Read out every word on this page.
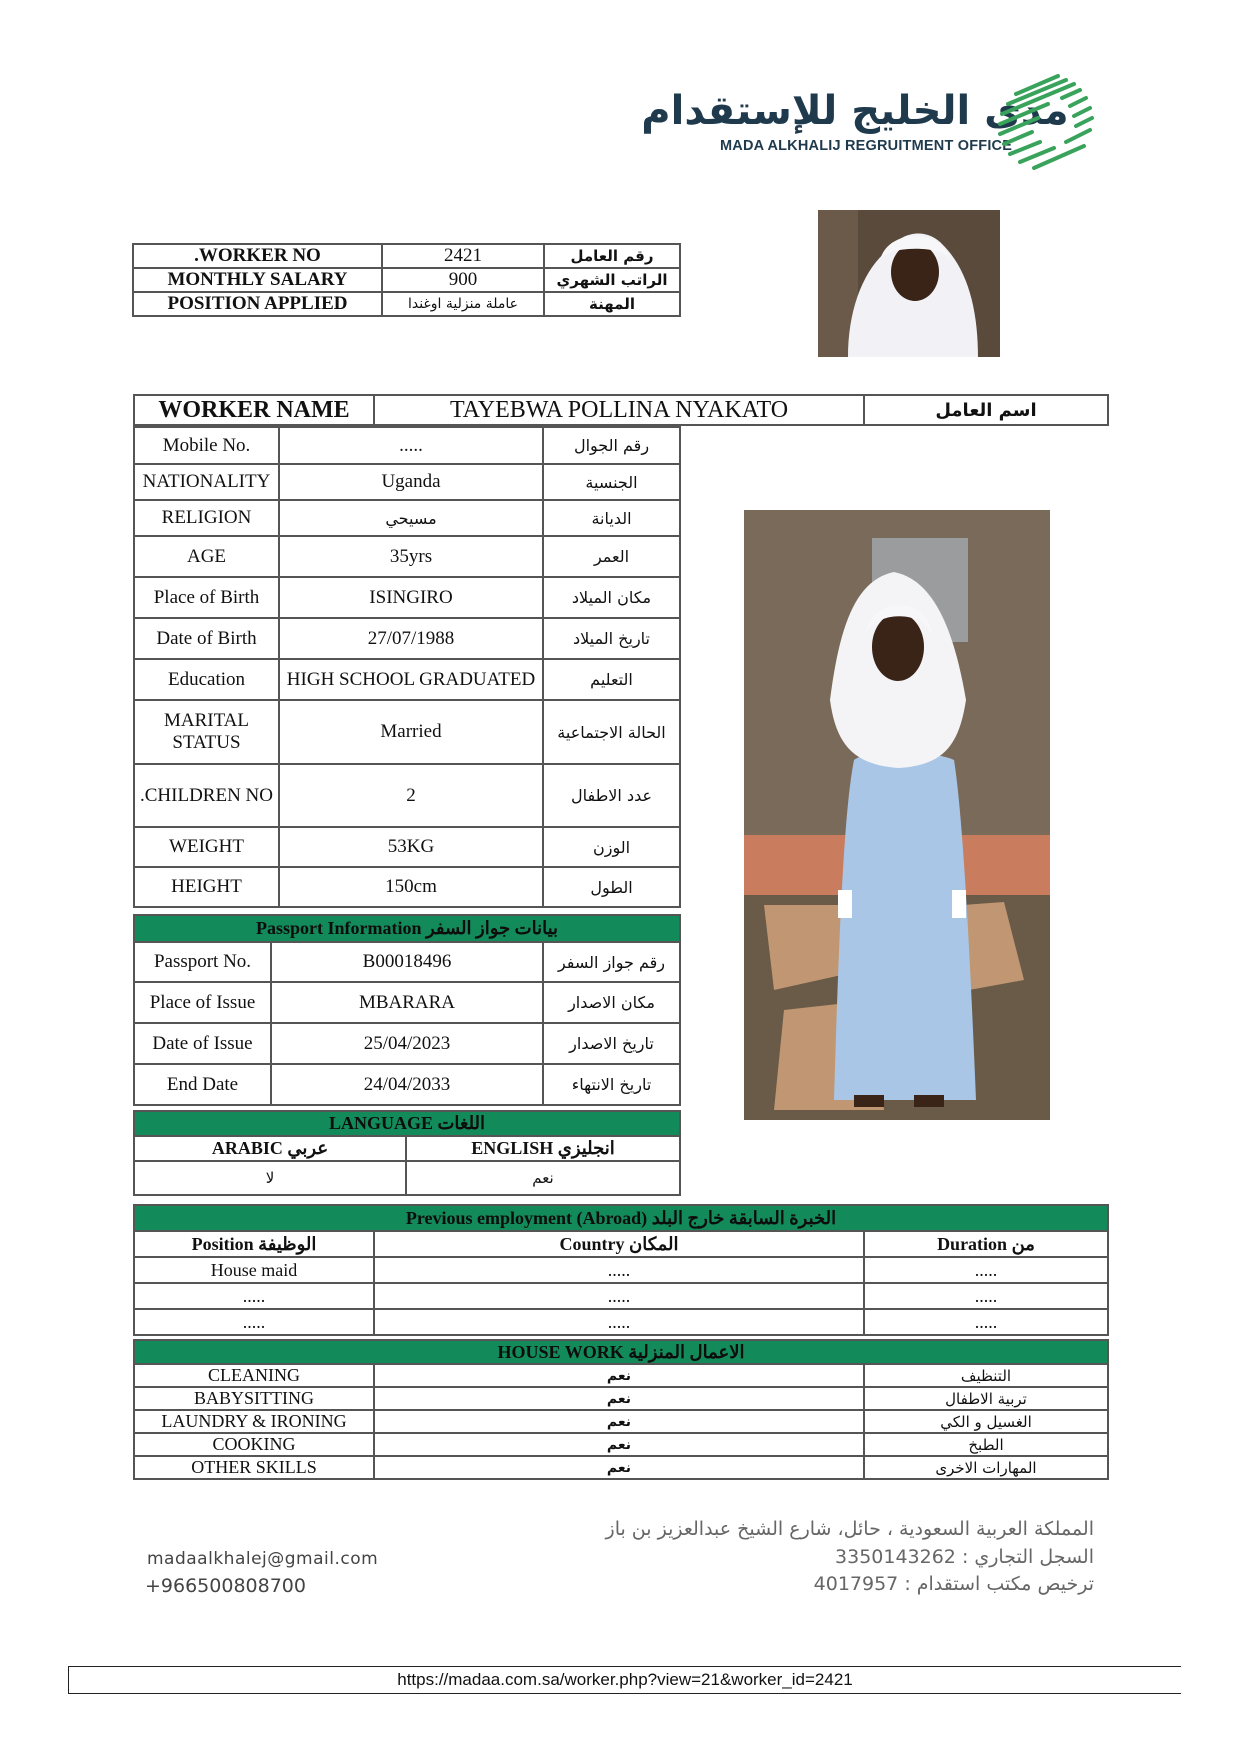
مدى الخليج للإستقدام
MADA ALKHALIJ REGRUITMENT OFFICE
.WORKER NO	2421	رقم العامل
MONTHLY SALARY	900	الراتب الشهري
POSITION APPLIED	عاملة منزلية اوغندا	المهنة
WORKER NAME	TAYEBWA POLLINA NYAKATO	اسم العامل
Mobile No.	.....	رقم الجوال
NATIONALITY	Uganda	الجنسية
RELIGION	مسيحي	الديانة
AGE	35yrs	العمر
Place of Birth	ISINGIRO	مكان الميلاد
Date of Birth	27/07/1988	تاريخ الميلاد
Education	HIGH SCHOOL GRADUATED	التعليم
MARITAL STATUS	Married	الحالة الاجتماعية
.CHILDREN NO	2	عدد الاطفال
WEIGHT	53KG	الوزن
HEIGHT	150cm	الطول
Passport Information بيانات جواز السفر		
Passport No.	B00018496	رقم جواز السفر
Place of Issue	MBARARA	مكان الاصدار
Date of Issue	25/04/2023	تاريخ الاصدار
End Date	24/04/2033	تاريخ الانتهاء
LANGUAGE اللغات	
ARABIC عربي	ENGLISH انجليزي
لا	نعم
Previous employment (Abroad) الخبرة السابقة خارج البلد		
Position الوظيفة	Country المكان	Duration من
House maid	.....	.....
.....	.....	.....
.....	.....	.....
HOUSE WORK الاعمال المنزلية		
CLEANING	نعم	التنظيف
BABYSITTING	نعم	تربية الاطفال
LAUNDRY & IRONING	نعم	الغسيل و الكي
COOKING	نعم	الطبخ
OTHER SKILLS	نعم	المهارات الاخرى
madaalkhalej@gmail.com
+966500808700
المملكة العربية السعودية ، حائل، شارع الشيخ عبدالعزيز بن باز
السجل التجاري : 3350143262
ترخيص مكتب استقدام : 4017957
https://madaa.com.sa/worker.php?view=21&worker_id=2421
